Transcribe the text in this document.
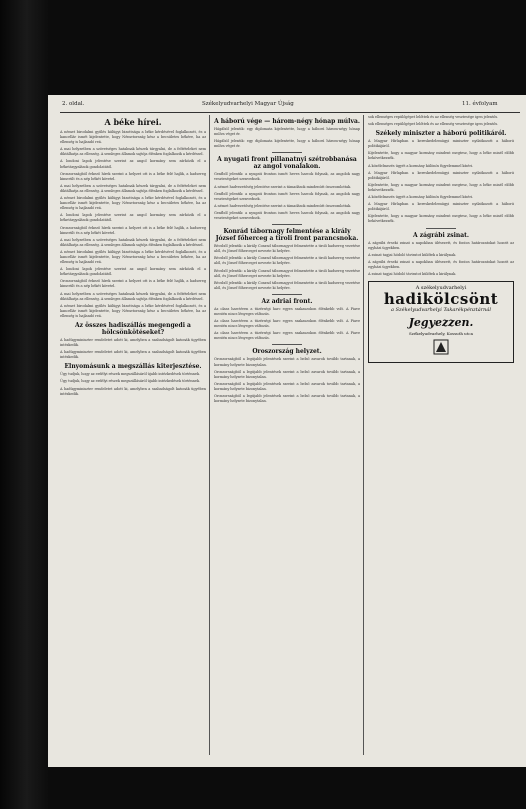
2. oldal.	Székelyudvarhelyi Magyar Újság	11. évfolyam
A béke hírei.

A német birodalmi gyűlés külügyi bizottsága a béke kérdésével foglalkozott, és a kancellár ismét kijelentette, hogy Németország kész a becsületes békére, ha az ellenség is hajlandó reá.

A mai helyzetben a szövetséges hatalmak készek tárgyalni, de a feltételeket nem diktálhatja az ellenség. A semleges államok sajtója élénken foglalkozik a kérdéssel.

A londoni lapok jelentése szerint az angol kormány sem zárkózik el a béketárgyalások gondolatától.

Oroszországból érkező hírek szerint a helyzet ott is a béke felé hajlik, a hadsereg kimerült és a nép békét követel.

A mai helyzetben a szövetséges hatalmak készek tárgyalni, de a feltételeket nem diktálhatja az ellenség. A semleges államok sajtója élénken foglalkozik a kérdéssel.

A német birodalmi gyűlés külügyi bizottsága a béke kérdésével foglalkozott, és a kancellár ismét kijelentette, hogy Németország kész a becsületes békére, ha az ellenség is hajlandó reá.

A londoni lapok jelentése szerint az angol kormány sem zárkózik el a béketárgyalások gondolatától.

Oroszországból érkező hírek szerint a helyzet ott is a béke felé hajlik, a hadsereg kimerült és a nép békét követel.

A mai helyzetben a szövetséges hatalmak készek tárgyalni, de a feltételeket nem diktálhatja az ellenség. A semleges államok sajtója élénken foglalkozik a kérdéssel.

A német birodalmi gyűlés külügyi bizottsága a béke kérdésével foglalkozott, és a kancellár ismét kijelentette, hogy Németország kész a becsületes békére, ha az ellenség is hajlandó reá.

A londoni lapok jelentése szerint az angol kormány sem zárkózik el a béketárgyalások gondolatától.

Oroszországból érkező hírek szerint a helyzet ott is a béke felé hajlik, a hadsereg kimerült és a nép békét követel.

A mai helyzetben a szövetséges hatalmak készek tárgyalni, de a feltételeket nem diktálhatja az ellenség. A semleges államok sajtója élénken foglalkozik a kérdéssel.

A német birodalmi gyűlés külügyi bizottsága a béke kérdésével foglalkozott, és a kancellár ismét kijelentette, hogy Németország kész a becsületes békére, ha az ellenség is hajlandó reá.

Az összes hadiszállás megengedi a hölcsönkötéseket?

A hadügyminiszter rendeletet adott ki, amelyben a szabadságolt katonák ügyében intézkedik.

A hadügyminiszter rendeletet adott ki, amelyben a szabadságolt katonák ügyében intézkedik.

Elnyomásunk a megszállás kiterjesztése.

Úgy tudjuk, hogy az erdélyi részek megszállásáról újabb intézkedések történnek.

Úgy tudjuk, hogy az erdélyi részek megszállásáról újabb intézkedések történnek.

A hadügyminiszter rendeletet adott ki, amelyben a szabadságolt katonák ügyében intézkedik.

A háború vége — három-négy hónap múlva.

Hágából jelentik: egy diplomata kijelentette, hogy a háború három-négy hónap múlva véget ér.

Hágából jelentik: egy diplomata kijelentette, hogy a háború három-négy hónap múlva véget ér.

A nyugati front pillanatnyi szétrobbanása az angol vonalakon.

Genfből jelentik: a nyugati fronton ismét heves harcok folynak, az angolok nagy veszteségeket szenvednek.

A német hadvezetőség jelentése szerint a támadások mindenütt összeomlottak.

Genfből jelentik: a nyugati fronton ismét heves harcok folynak, az angolok nagy veszteségeket szenvednek.

A német hadvezetőség jelentése szerint a támadások mindenütt összeomlottak.

Genfből jelentik: a nyugati fronton ismét heves harcok folynak, az angolok nagy veszteségeket szenvednek.

Konrád tábornagy felmentése a király József főherceg a tiroli front parancsnoka.

Bécsből jelentik: a király Conrad tábornagyot felmentette a tiroli hadsereg vezetése alól, és József főherceget nevezte ki helyére.

Bécsből jelentik: a király Conrad tábornagyot felmentette a tiroli hadsereg vezetése alól, és József főherceget nevezte ki helyére.

Bécsből jelentik: a király Conrad tábornagyot felmentette a tiroli hadsereg vezetése alól, és József főherceget nevezte ki helyére.

Bécsből jelentik: a király Conrad tábornagyot felmentette a tiroli hadsereg vezetése alól, és József főherceget nevezte ki helyére.

Az adriai front.

Az olasz harctéren a tüzérségi harc egyes szakaszokon élénkebb volt. A Piave mentén nincs lényeges változás.

Az olasz harctéren a tüzérségi harc egyes szakaszokon élénkebb volt. A Piave mentén nincs lényeges változás.

Az olasz harctéren a tüzérségi harc egyes szakaszokon élénkebb volt. A Piave mentén nincs lényeges változás.

Oroszország helyzet.

Oroszországból a legújabb jelentések szerint a belső zavarok tovább tartanak, a kormány helyzete bizonytalan.

Oroszországból a legújabb jelentések szerint a belső zavarok tovább tartanak, a kormány helyzete bizonytalan.

Oroszországból a legújabb jelentések szerint a belső zavarok tovább tartanak, a kormány helyzete bizonytalan.

Oroszországból a legújabb jelentések szerint a belső zavarok tovább tartanak, a kormány helyzete bizonytalan.

sok ellenséges repülőgépet lelőttek és az ellenség vesztesége igen jelentős.

sok ellenséges repülőgépet lelőttek és az ellenség vesztesége igen jelentős.

Székely miniszter a háború politikáról.

A Magyar Hírlapban a kereskedelemügyi miniszter nyilatkozott a háború politikájáról.

Kijelentette, hogy a magyar kormány mindent megtesz, hogy a béke minél előbb bekövetkezzék.

A közélelmezés ügyét a kormány különös figyelemmel kíséri.

A Magyar Hírlapban a kereskedelemügyi miniszter nyilatkozott a háború politikájáról.

Kijelentette, hogy a magyar kormány mindent megtesz, hogy a béke minél előbb bekövetkezzék.

A közélelmezés ügyét a kormány különös figyelemmel kíséri.

A Magyar Hírlapban a kereskedelemügyi miniszter nyilatkozott a háború politikájáról.

Kijelentette, hogy a magyar kormány mindent megtesz, hogy a béke minél előbb bekövetkezzék.

A zágrábi zsinat.

A zágrábi érseki zsinat a napokban ülésezett, és fontos határozatokat hozott az egyházi ügyekben.

A zsinat tagjai hódoló táviratot küldtek a királynak.

A zágrábi érseki zsinat a napokban ülésezett, és fontos határozatokat hozott az egyházi ügyekben.

A zsinat tagjai hódoló táviratot küldtek a királynak.

A székelyudvarhelyi
hadikölcsönt
a Székelyudvarhelyi Takarékpénztárnál
Jegyezzen.
Székelyudvarhely, Kossuth utca
